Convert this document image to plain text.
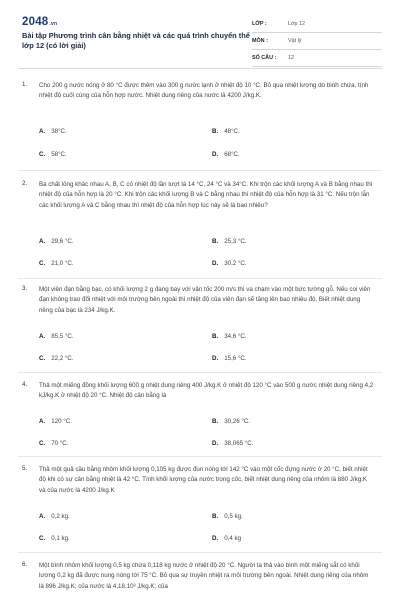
2048.vn
Bài tập Phương trình cân bằng nhiệt và các quá trình chuyển thể lớp 12 (có lời giải)
LỚP :	Lớp 12
MÔN :	Vật lý
SỐ CÂU :	12
1. Cho 200 g nước nóng ở 80 °C được thêm vào 300 g nước lạnh ở nhiệt độ 10 °C. Bỏ qua nhiệt lượng do bình chứa, tính nhiệt độ cuối cùng của hỗn hợp nước. Nhiệt dung riêng của nước là 4200 J/kg.K.
A. 38°C.	B. 48°C.
C. 58°C.	D. 68°C.
2. Ba chất lỏng khác nhau A, B, C có nhiệt độ lần lượt là 14 °C, 24 °C và 34°C. Khi trộn các khối lượng A và B bằng nhau thì nhiệt độ của hỗn hợp là 20 °C. Khi trộn các khối lượng B và C bằng nhau thì nhiệt độ của hỗn hợp là 31 °C. Nếu trộn lẫn các khối lượng A và C bằng nhau thì nhiệt độ của hỗn hợp lúc này sẽ là bao nhiêu?
A. 29,6 °C.	B. 25,3 °C.
C. 21,0 °C.	D. 30,2 °C.
3. Một viên đạn bằng bạc, có khối lượng 2 g đang bay với vận tốc 200 m/s thì va chạm vào một bức tường gỗ. Nếu coi viên đạn không trao đổi nhiệt với môi trường bên ngoài thì nhiệt độ của viên đạn sẽ tăng lên bao nhiêu độ. Biết nhiệt dung riêng của bạc là 234 J/kg.K.
A. 85,5 °C.	B. 34,6 °C.
C. 22,2 °C.	D. 15,6 °C.
4. Thả một miếng đồng khối lượng 600 g nhiệt dung riêng 400 J/kg.K ở nhiệt độ 120 °C vào 500 g nước nhiệt dung riêng 4,2 kJ/kg.K ở nhiệt độ 20 °C. Nhiệt độ cân bằng là
A. 120 °C.	B. 30,26 °C.
C. 70 °C.	D. 38,065 °C.
5. Thả một quả cầu bằng nhôm khối lượng 0,105 kg được đun nóng tới 142 °C vào một cốc đựng nước ở 20 °C, biết nhiệt độ khi có sự cân bằng nhiệt là 42 °C. Tính khối lượng của nước trong cốc, biết nhiệt dung riêng của nhôm là 880 J/kg.K và của nước là 4200 J/kg.K
A. 0,2 kg.	B. 0,5 kg.
C. 0,1 kg.	D. 0,4 kg
6. Một bình nhôm khối lượng 0,5 kg chứa 0,118 kg nước ở nhiệt độ 20 °C. Người ta thả vào bình một miếng sắt có khối lượng 0,2 kg đã được nung nóng tới 75 °C. Bỏ qua sự truyền nhiệt ra môi trường bên ngoài. Nhiệt dung riêng của nhôm là 896 J/kg.K; của nước là 4,18.10³ J/kg.K; của
